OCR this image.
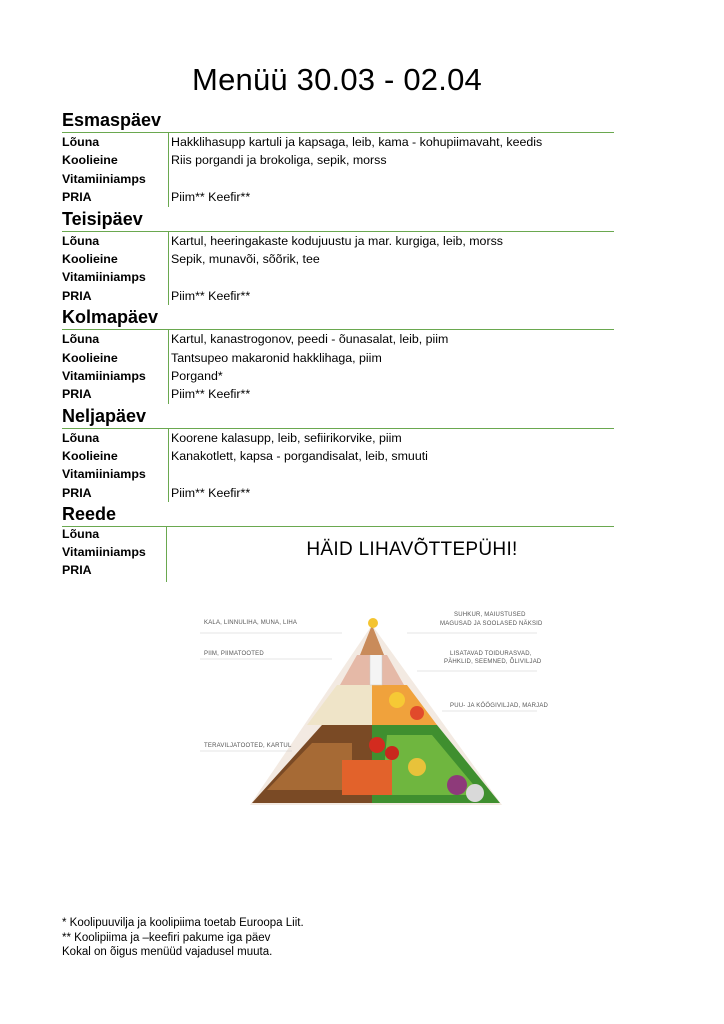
Menüü 30.03 - 02.04
Esmaspäev
Lõuna	Hakklihasupp kartuli ja kapsaga, leib, kama - kohupiimavaht, keedis
Koolieine	Riis porgandi ja brokoliga, sepik, morss
Vitamiiniamps
PRIA	Piim** Keefir**
Teisipäev
Lõuna	Kartul, heeringakaste kodujuustu ja mar. kurgiga, leib, morss
Koolieine	Sepik, munavõi, sõõrik, tee
Vitamiiniamps
PRIA	Piim** Keefir**
Kolmapäev
Lõuna	Kartul, kanastrogonov, peedi - õunasalat, leib, piim
Koolieine	Tantsupeo makaronid hakklihaga, piim
Vitamiiniamps	Porgand*
PRIA	Piim** Keefir**
Neljapäev
Lõuna	Koorene kalasupp, leib, sefiirikorvike, piim
Koolieine	Kanakotlett, kapsa - porgandisalat, leib, smuuti
Vitamiiniamps
PRIA	Piim** Keefir**
Reede
Lõuna
Vitamiiniamps
PRIA
HÄID LIHAVÕTTEPÜHI!
KALA, LINNULIHA, MUNA, LIHA
PIIM, PIIMATOOTED
TERAVILJATOOTED, KARTUL
SUHKUR, MAIUSTUSED
MAGUSAD JA SOOLASED NÄKSID
LISATAVAD TOIDURASVAD,
PÄHKLID, SEEMNED, ÕLIVILJAD
PUU- JA KÖÖGIVILJAD, MARJAD
* Koolipuuvilja ja koolipiima toetab Euroopa Liit.
** Koolipiima ja –keefiri pakume iga päev
Kokal on õigus menüüd vajadusel muuta.
